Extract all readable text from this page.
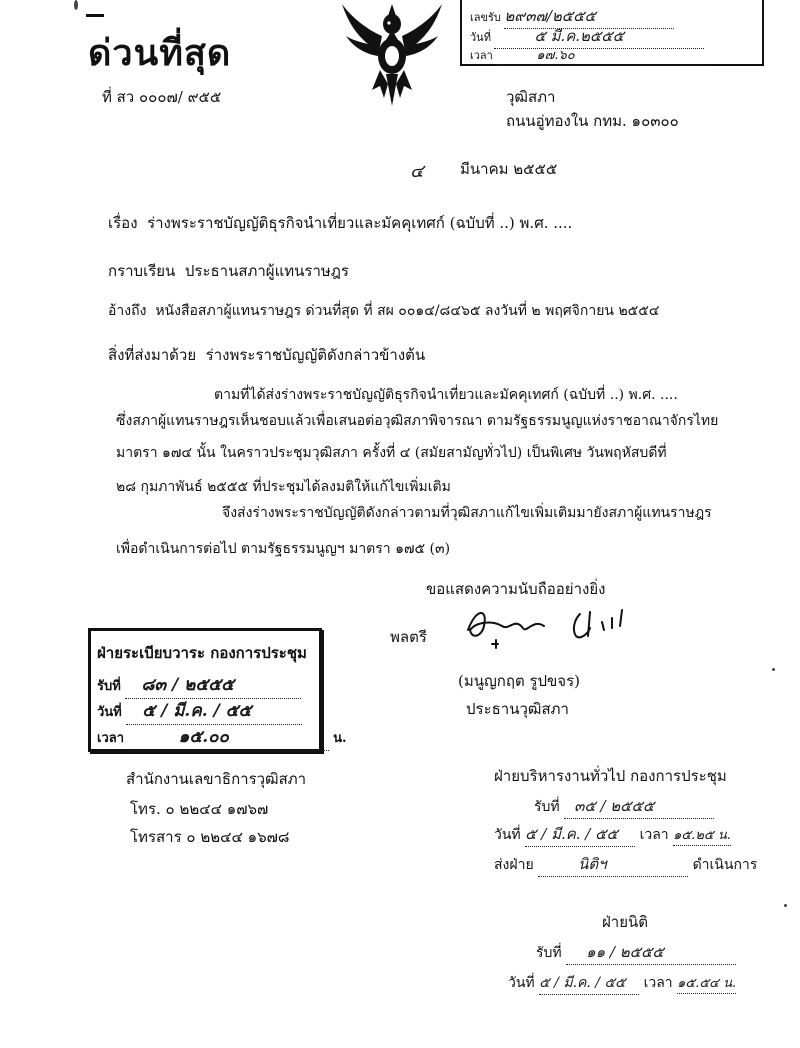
ด่วนที่สุด
ที่ สว ๐๐๐๗/ ๙๕๕
เลขรับ ๒๙๓๗/๒๕๕๕
วันที่	๕ มี.ค.๒๕๕๕
เวลา	๑๗.๖๐
วุฒิสภา
ถนนอู่ทองใน กทม. ๑๐๓๐๐
๔ มีนาคม ๒๕๕๕
เรื่อง ร่างพระราชบัญญัติธุรกิจนำเที่ยวและมัคคุเทศก์ (ฉบับที่ ..) พ.ศ. ....
กราบเรียน ประธานสภาผู้แทนราษฎร
อ้างถึง หนังสือสภาผู้แทนราษฎร ด่วนที่สุด ที่ สผ ๐๐๑๔/๘๔๖๕ ลงวันที่ ๒ พฤศจิกายน ๒๕๕๔
สิ่งที่ส่งมาด้วย ร่างพระราชบัญญัติดังกล่าวข้างต้น
ตามที่ได้ส่งร่างพระราชบัญญัติธุรกิจนำเที่ยวและมัคคุเทศก์ (ฉบับที่ ..) พ.ศ. ....
ซึ่งสภาผู้แทนราษฎรเห็นชอบแล้วเพื่อเสนอต่อวุฒิสภาพิจารณา ตามรัฐธรรมนูญแห่งราชอาณาจักรไทย
มาตรา ๑๗๔ นั้น ในคราวประชุมวุฒิสภา ครั้งที่ ๔ (สมัยสามัญทั่วไป) เป็นพิเศษ วันพฤหัสบดีที่
๒๘ กุมภาพันธ์ ๒๕๕๕ ที่ประชุมได้ลงมติให้แก้ไขเพิ่มเติม
จึงส่งร่างพระราชบัญญัติดังกล่าวตามที่วุฒิสภาแก้ไขเพิ่มเติมมายังสภาผู้แทนราษฎร
เพื่อดำเนินการต่อไป ตามรัฐธรรมนูญฯ มาตรา ๑๗๕ (๓)
ขอแสดงความนับถืออย่างยิ่ง
พลตรี
(มนูญกฤต รูปขจร)
ประธานวุฒิสภา
ฝ่ายระเบียบวาระ กองการประชุม
รับที่ ๘๓ / ๒๕๕๕
วันที่ ๕ / มี.ค. / ๕๕
เวลา	๑๕.๐๐	น.
สำนักงานเลขาธิการวุฒิสภา
โทร. ๐ ๒๒๔๔ ๑๗๖๗
โทรสาร ๐ ๒๒๔๔ ๑๖๗๘
ฝ่ายบริหารงานทั่วไป กองการประชุม
รับที่ ๓๕ / ๒๕๕๕
วันที่ ๕ / มี.ค. / ๕๕ เวลา ๑๕.๒๕ น.
ส่งฝ่าย	นิติฯ	ดำเนินการ
ฝ่ายนิติ
รับที่ ๑๑ / ๒๕๕๕
วันที่ ๕ / มี.ค. / ๕๕ เวลา ๑๕.๕๔ น.
